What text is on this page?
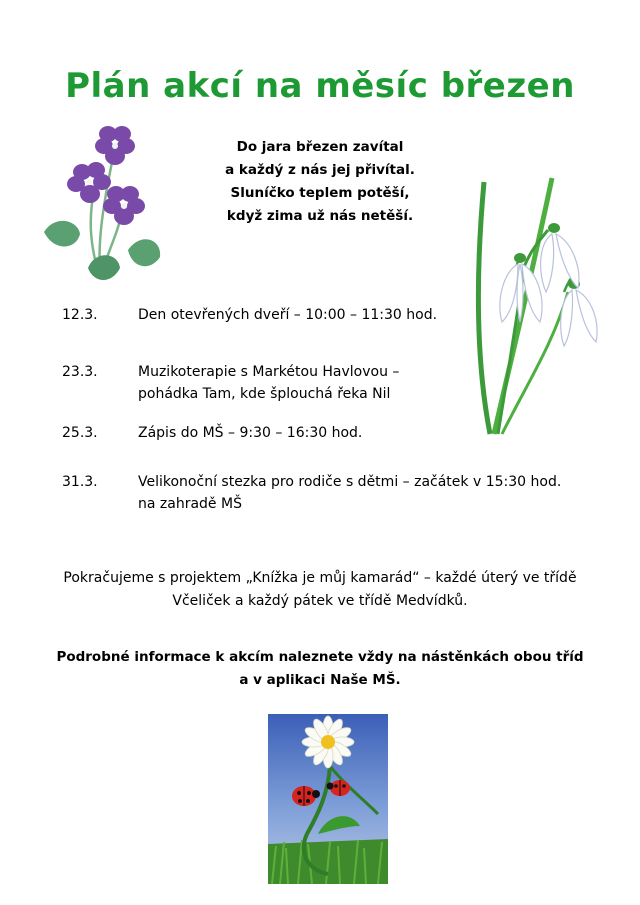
Plán akcí na měsíc březen
Do jara březen zavítal
a každý z nás jej přivítal.
Sluníčko teplem potěší,
když zima už nás netěší.
12.3.	Den otevřených dveří – 10:00 – 11:30 hod.
23.3.	Muzikoterapie s Markétou Havlovou –
pohádka Tam, kde šplouchá řeka Nil
25.3.	Zápis do MŠ – 9:30 – 16:30 hod.
31.3.	Velikonoční stezka pro rodiče s dětmi – začátek v 15:30 hod.
na zahradě MŠ
Pokračujeme s projektem „Knížka je můj kamarád“ – každé úterý ve třídě
Včeliček a každý pátek ve třídě Medvídků.
Podrobné informace k akcím naleznete vždy na nástěnkách obou tříd
a v aplikaci Naše MŠ.
